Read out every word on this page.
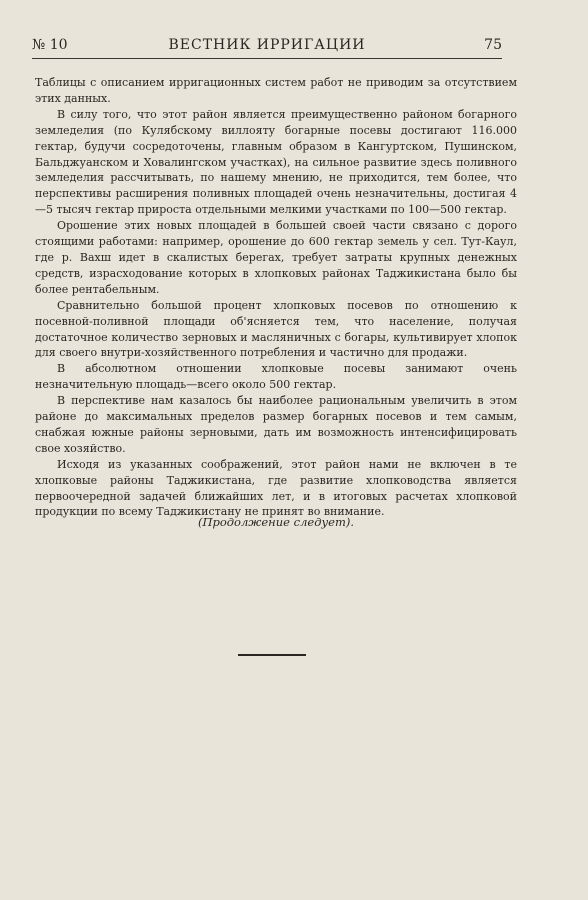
ВЕСТНИК ИРРИГАЦИИ
№ 10	75

Таблицы с описанием ирригационных систем работ не приводим за отсутствием этих данных.

В силу того, что этот район является преимущественно районом богарного земледелия (по Кулябскому виллояту богарные посевы достигают 116.000 гектар, будучи сосредоточены, главным образом в Кангуртском, Пушинском, Бальджуанском и Ховалингском участках), на сильное развитие здесь поливного земледелия рассчитывать, по нашему мнению, не приходится, тем более, что перспективы расширения поливных площадей очень незначительны, достигая 4—5 тысяч гектар прироста отдельными мелкими участками по 100—500 гектар.

Орошение этих новых площадей в большей своей части связано с дорого стоящими работами: например, орошение до 600 гектар земель у сел. Тут-Каул, где р. Вахш идет в скалистых берегах, требует затраты крупных денежных средств, израсходование которых в хлопковых районах Таджикистана было бы более рентабельным.

Сравнительно большой процент хлопковых посевов по отношению к посевной-поливной площади об'ясняется тем, что население, получая достаточное количество зерновых и масляничных с богары, культивирует хлопок для своего внутри-хозяйственного потребления и частично для продажи.

В абсолютном отношении хлопковые посевы занимают очень незначительную площадь—всего около 500 гектар.

В перспективе нам казалось бы наиболее рациональным увеличить в этом районе до максимальных пределов размер богарных посевов и тем самым, снабжая южные районы зерновыми, дать им возможность интенсифицировать свое хозяйство.

Исходя из указанных соображений, этот район нами не включен в те хлопковые районы Таджикистана, где развитие хлопководства является первоочередной задачей ближайших лет, и в итоговых расчетах хлопковой продукции по всему Таджикистану не принят во внимание.

(Продолжение следует).
